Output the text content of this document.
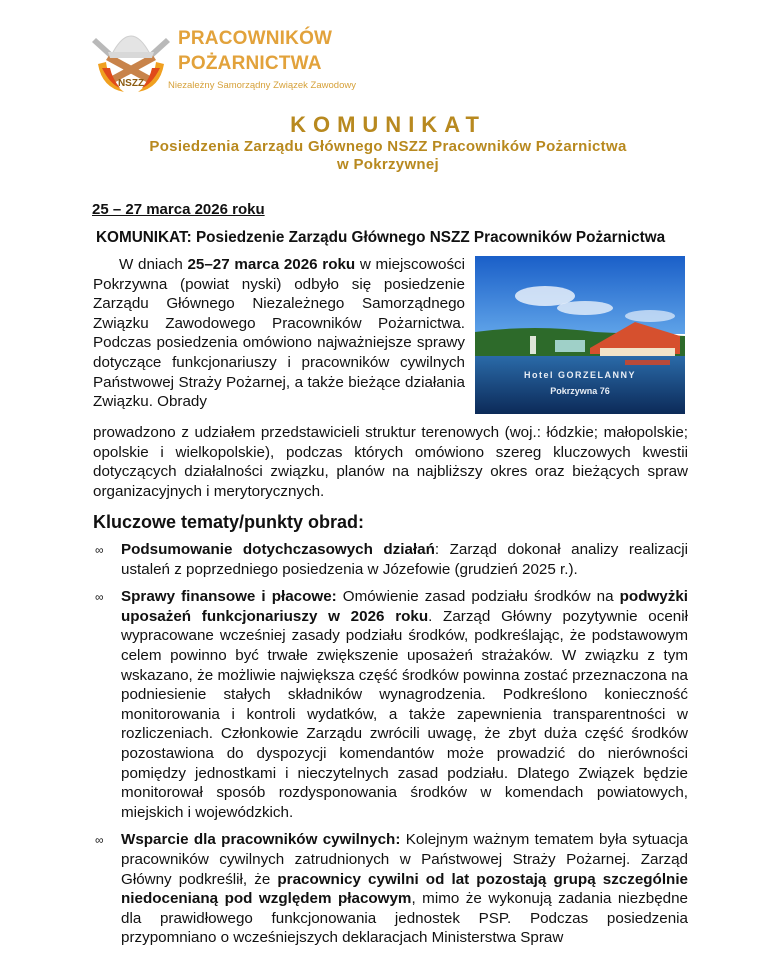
NSZZ
PRACOWNIKÓW
POŻARNICTWA
Niezależny Samorządny Związek Zawodowy
KOMUNIKAT
Posiedzenia Zarządu Głównego NSZZ Pracowników Pożarnictwa
w Pokrzywnej
25 – 27 marca 2026 roku
KOMUNIKAT: Posiedzenie Zarządu Głównego NSZZ Pracowników Pożarnictwa
W dniach 25–27 marca 2026 roku w miejscowości Pokrzywna (powiat nyski) odbyło się posiedzenie Zarządu Głównego Niezależnego Samorządnego Związku Zawodowego Pracowników Pożarnictwa. Podczas posiedzenia omówiono najważniejsze sprawy dotyczące funkcjonariuszy i pracowników cywilnych Państwowej Straży Pożarnej, a także bieżące działania Związku. Obrady
Hotel GORZELANNY
Pokrzywna 76
prowadzono z udziałem przedstawicieli struktur terenowych (woj.: łódzkie; małopolskie; opolskie i wielkopolskie), podczas których omówiono szereg kluczowych kwestii dotyczących działalności związku, planów na najbliższy okres oraz bieżących spraw organizacyjnych i merytorycznych.
Kluczowe tematy/punkty obrad:
∞ Podsumowanie dotychczasowych działań: Zarząd dokonał analizy realizacji ustaleń z poprzedniego posiedzenia w Józefowie (grudzień 2025 r.).
∞ Sprawy finansowe i płacowe: Omówienie zasad podziału środków na podwyżki uposażeń funkcjonariuszy w 2026 roku. Zarząd Główny pozytywnie ocenił wypracowane wcześniej zasady podziału środków, podkreślając, że podstawowym celem powinno być trwałe zwiększenie uposażeń strażaków. W związku z tym wskazano, że możliwie największa część środków powinna zostać przeznaczona na podniesienie stałych składników wynagrodzenia. Podkreślono konieczność monitorowania i kontroli wydatków, a także zapewnienia transparentności w rozliczeniach. Członkowie Zarządu zwrócili uwagę, że zbyt duża część środków pozostawiona do dyspozycji komendantów może prowadzić do nierówności pomiędzy jednostkami i nieczytelnych zasad podziału. Dlatego Związek będzie monitorował sposób rozdysponowania środków w komendach powiatowych, miejskich i wojewódzkich.
∞ Wsparcie dla pracowników cywilnych: Kolejnym ważnym tematem była sytuacja pracowników cywilnych zatrudnionych w Państwowej Straży Pożarnej. Zarząd Główny podkreślił, że pracownicy cywilni od lat pozostają grupą szczególnie niedocenianą pod względem płacowym, mimo że wykonują zadania niezbędne dla prawidłowego funkcjonowania jednostek PSP. Podczas posiedzenia przypomniano o wcześniejszych deklaracjach Ministerstwa Spraw
